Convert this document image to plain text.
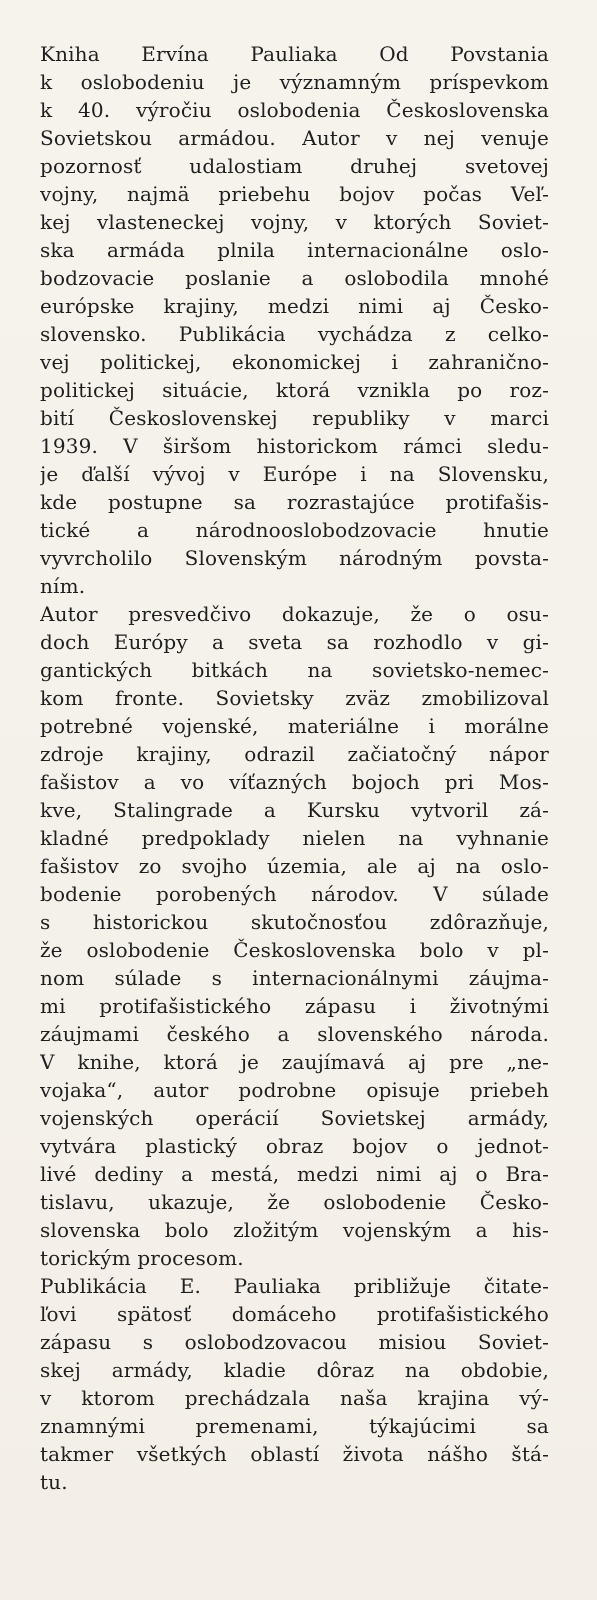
Kniha Ervína Pauliaka Od Povstania
k oslobodeniu je významným príspevkom
k 40. výročiu oslobodenia Československa
Sovietskou armádou. Autor v nej venuje
pozornosť udalostiam druhej svetovej
vojny, najmä priebehu bojov počas Veľ-
kej vlasteneckej vojny, v ktorých Soviet-
ska armáda plnila internacionálne oslo-
bodzovacie poslanie a oslobodila mnohé
európske krajiny, medzi nimi aj Česko-
slovensko. Publikácia vychádza z celko-
vej politickej, ekonomickej i zahranično-
politickej situácie, ktorá vznikla po roz-
bití Československej republiky v marci
1939. V širšom historickom rámci sledu-
je ďalší vývoj v Európe i na Slovensku,
kde postupne sa rozrastajúce protifašis-
tické a národnooslobodzovacie hnutie
vyvrcholilo Slovenským národným povsta-
ním.
Autor presvedčivo dokazuje, že o osu-
doch Európy a sveta sa rozhodlo v gi-
gantických bitkách na sovietsko-nemec-
kom fronte. Sovietsky zväz zmobilizoval
potrebné vojenské, materiálne i morálne
zdroje krajiny, odrazil začiatočný nápor
fašistov a vo víťazných bojoch pri Mos-
kve, Stalingrade a Kursku vytvoril zá-
kladné predpoklady nielen na vyhnanie
fašistov zo svojho územia, ale aj na oslo-
bodenie porobených národov. V súlade
s historickou skutočnosťou zdôrazňuje,
že oslobodenie Československa bolo v pl-
nom súlade s internacionálnymi záujma-
mi protifašistického zápasu i životnými
záujmami českého a slovenského národa.
V knihe, ktorá je zaujímavá aj pre „ne-
vojaka“, autor podrobne opisuje priebeh
vojenských operácií Sovietskej armády,
vytvára plastický obraz bojov o jednot-
livé dediny a mestá, medzi nimi aj o Bra-
tislavu, ukazuje, že oslobodenie Česko-
slovenska bolo zložitým vojenským a his-
torickým procesom.
Publikácia E. Pauliaka približuje čitate-
ľovi spätosť domáceho protifašistického
zápasu s oslobodzovacou misiou Soviet-
skej armády, kladie dôraz na obdobie,
v ktorom prechádzala naša krajina vý-
znamnými premenami, týkajúcimi sa
takmer všetkých oblastí života nášho štá-
tu.
